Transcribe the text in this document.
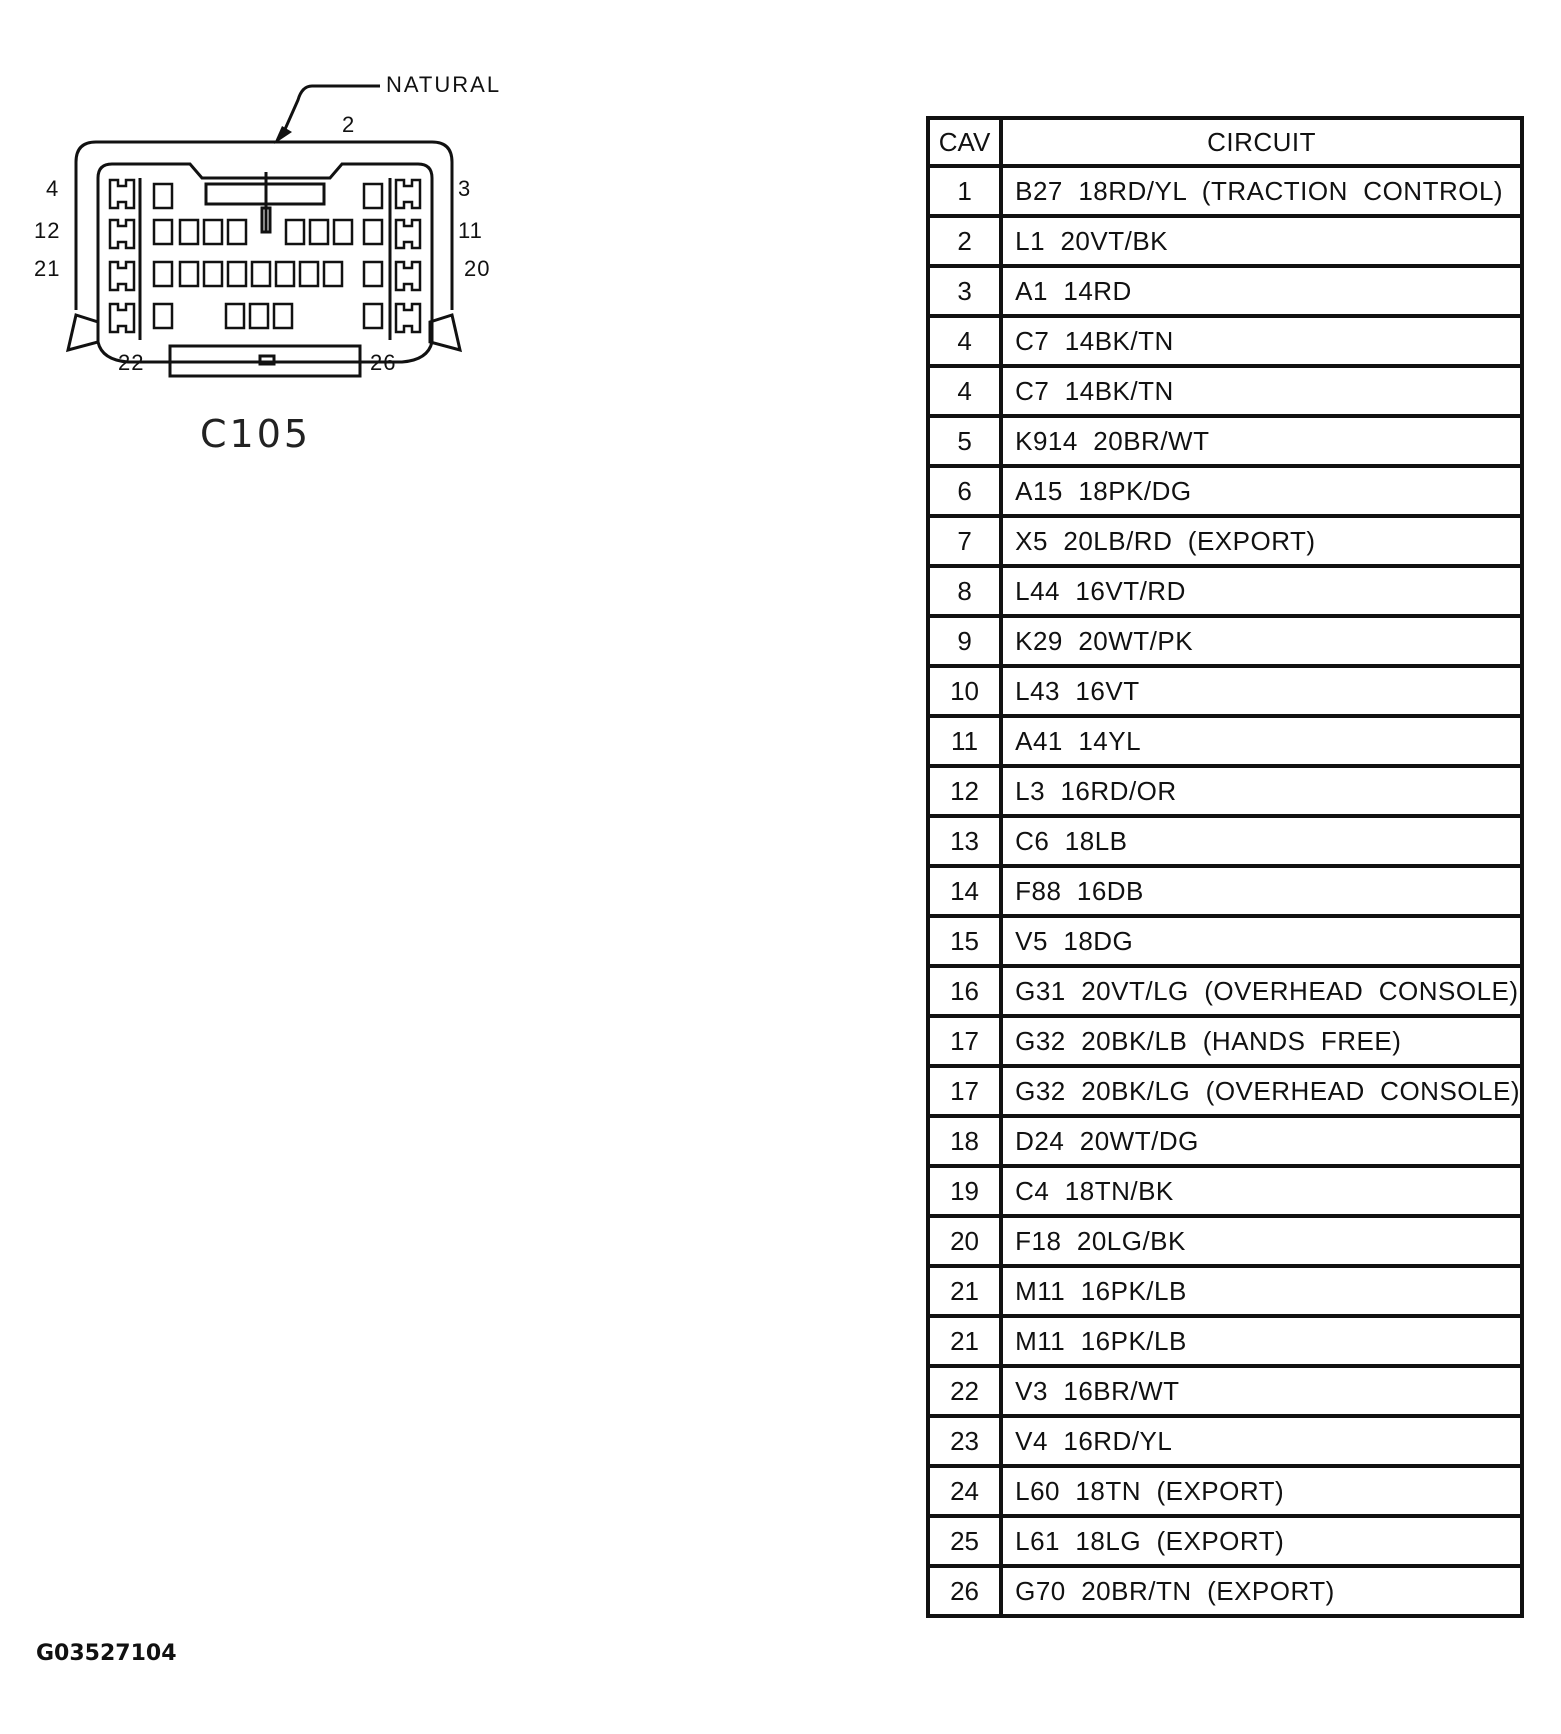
NATURAL
2
4	3
12	11
21	20
22	26
C105
CAV	CIRCUIT
1	B27  18RD/YL  (TRACTION  CONTROL)
2	L1  20VT/BK
3	A1  14RD
4	C7  14BK/TN
4	C7  14BK/TN
5	K914  20BR/WT
6	A15  18PK/DG
7	X5  20LB/RD  (EXPORT)
8	L44  16VT/RD
9	K29  20WT/PK
10	L43  16VT
11	A41  14YL
12	L3  16RD/OR
13	C6  18LB
14	F88  16DB
15	V5  18DG
16	G31  20VT/LG  (OVERHEAD  CONSOLE)
17	G32  20BK/LB  (HANDS  FREE)
17	G32  20BK/LG  (OVERHEAD  CONSOLE)
18	D24  20WT/DG
19	C4  18TN/BK
20	F18  20LG/BK
21	M11  16PK/LB
21	M11  16PK/LB
22	V3  16BR/WT
23	V4  16RD/YL
24	L60  18TN  (EXPORT)
25	L61  18LG  (EXPORT)
26	G70  20BR/TN  (EXPORT)
G03527104
